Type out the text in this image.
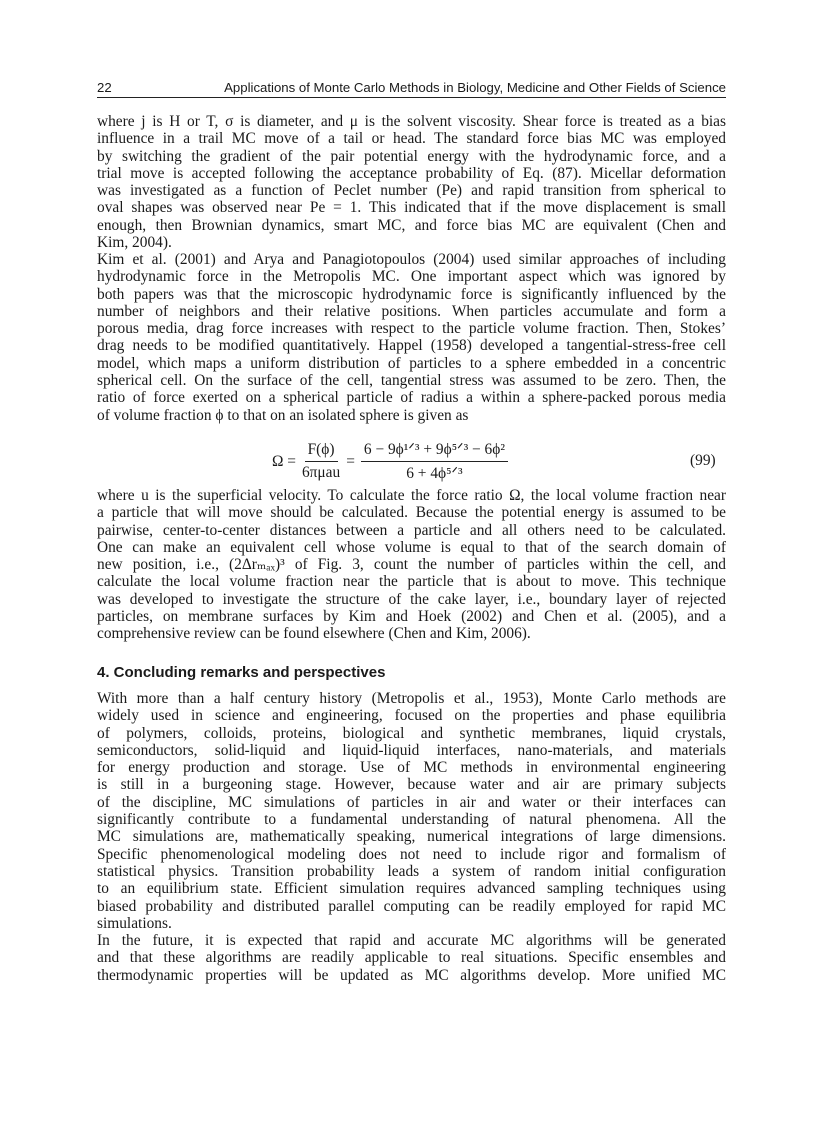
22	Applications of Monte Carlo Methods in Biology, Medicine and Other Fields of Science
where j is H or T, σ is diameter, and μ is the solvent viscosity. Shear force is treated as a bias
influence in a trail MC move of a tail or head. The standard force bias MC was employed
by switching the gradient of the pair potential energy with the hydrodynamic force, and a
trial move is accepted following the acceptance probability of Eq. (87). Micellar deformation
was investigated as a function of Peclet number (Pe) and rapid transition from spherical to
oval shapes was observed near Pe = 1. This indicated that if the move displacement is small
enough, then Brownian dynamics, smart MC, and force bias MC are equivalent (Chen and
Kim, 2004).
Kim et al. (2001) and Arya and Panagiotopoulos (2004) used similar approaches of including
hydrodynamic force in the Metropolis MC. One important aspect which was ignored by
both papers was that the microscopic hydrodynamic force is significantly influenced by the
number of neighbors and their relative positions. When particles accumulate and form a
porous media, drag force increases with respect to the particle volume fraction. Then, Stokes’
drag needs to be modified quantitatively. Happel (1958) developed a tangential-stress-free cell
model, which maps a uniform distribution of particles to a sphere embedded in a concentric
spherical cell. On the surface of the cell, tangential stress was assumed to be zero. Then, the
ratio of force exerted on a spherical particle of radius a within a sphere-packed porous media
of volume fraction ϕ to that on an isolated sphere is given as
$\Omega = \frac{F(\phi)}{\text{6πμau}} = \frac{\text{6 − 9ϕ¹ᐟ³ + 9ϕ⁵ᐟ³ − 6ϕ²}}{\text{6 + 4ϕ⁵ᐟ³}}$	(99)
where u is the superficial velocity. To calculate the force ratio Ω, the local volume fraction near
a particle that will move should be calculated. Because the potential energy is assumed to be
pairwise, center-to-center distances between a particle and all others need to be calculated.
One can make an equivalent cell whose volume is equal to that of the search domain of
new position, i.e., (2Δrₘₐₓ)³ of Fig. 3, count the number of particles within the cell, and
calculate the local volume fraction near the particle that is about to move. This technique
was developed to investigate the structure of the cake layer, i.e., boundary layer of rejected
particles, on membrane surfaces by Kim and Hoek (2002) and Chen et al. (2005), and a
comprehensive review can be found elsewhere (Chen and Kim, 2006).
4. Concluding remarks and perspectives
With more than a half century history (Metropolis et al., 1953), Monte Carlo methods are
widely used in science and engineering, focused on the properties and phase equilibria
of polymers, colloids, proteins, biological and synthetic membranes, liquid crystals,
semiconductors, solid-liquid and liquid-liquid interfaces, nano-materials, and materials
for energy production and storage. Use of MC methods in environmental engineering
is still in a burgeoning stage. However, because water and air are primary subjects
of the discipline, MC simulations of particles in air and water or their interfaces can
significantly contribute to a fundamental understanding of natural phenomena. All the
MC simulations are, mathematically speaking, numerical integrations of large dimensions.
Specific phenomenological modeling does not need to include rigor and formalism of
statistical physics. Transition probability leads a system of random initial configuration
to an equilibrium state. Efficient simulation requires advanced sampling techniques using
biased probability and distributed parallel computing can be readily employed for rapid MC
simulations.
In the future, it is expected that rapid and accurate MC algorithms will be generated
and that these algorithms are readily applicable to real situations. Specific ensembles and
thermodynamic properties will be updated as MC algorithms develop. More unified MC
